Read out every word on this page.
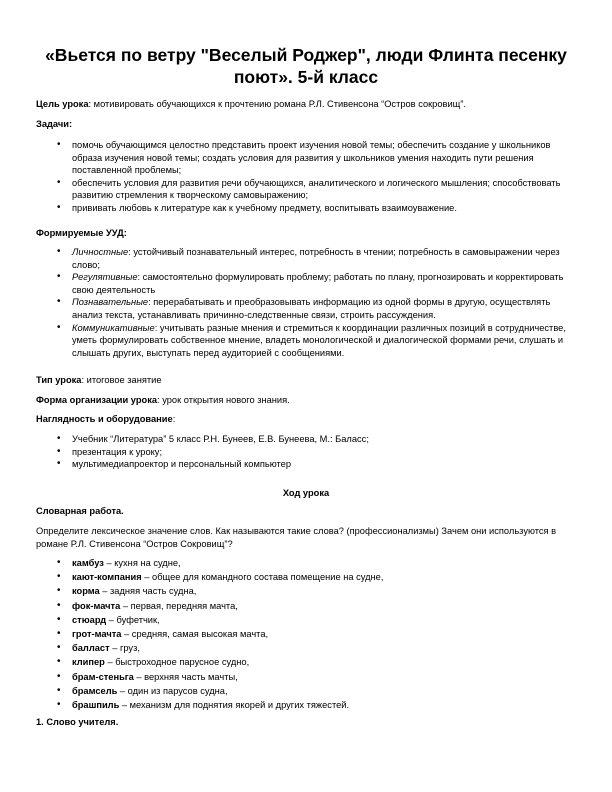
«Вьется по ветру "Веселый Роджер", люди Флинта песенку поют». 5-й класс

Цель урока: мотивировать обучающихся к прочтению романа Р.Л. Стивенсона “Остров сокровищ”.

Задачи:

• помочь обучающимся целостно представить проект изучения новой темы; обеспечить создание у школьников образа изучения новой темы; создать условия для развития у школьников умения находить пути решения поставленной проблемы;
• обеспечить условия для развития речи обучающихся, аналитического и логического мышления; способствовать развитию стремления к творческому самовыражению;
• прививать любовь к литературе как к учебному предмету, воспитывать взаимоуважение.

Формируемые УУД:

• Личностные: устойчивый познавательный интерес, потребность в чтении; потребность в самовыражении через слово;
• Регулятивные: самостоятельно формулировать проблему; работать по плану, прогнозировать и корректировать свою деятельность
• Познавательные: перерабатывать и преобразовывать информацию из одной формы в другую, осуществлять анализ текста, устанавливать причинно-следственные связи, строить рассуждения.
• Коммуникативные: учитывать разные мнения и стремиться к координации различных позиций в сотрудничестве, уметь формулировать собственное мнение, владеть монологической и диалогической формами речи, слушать и слышать других, выступать перед аудиторией с сообщениями.

Тип урока: итоговое занятие

Форма организации урока: урок открытия нового знания.

Наглядность и оборудование:

• Учебник “Литература” 5 класс Р.Н. Бунеев, Е.В. Бунеева, М.: Баласс;
• презентация к уроку;
• мультимедиапроектор и персональный компьютер

Ход урока

Словарная работа.

Определите лексическое значение слов. Как называются такие слова? (профессионализмы) Зачем они используются в романе Р.Л. Стивенсона “Остров Сокровищ”?

• камбуз – кухня на судне,
• кают-компания – общее для командного состава помещение на судне,
• корма – задняя часть судна,
• фок-мачта – первая, передняя мачта,
• стюард – буфетчик,
• грот-мачта – средняя, самая высокая мачта,
• балласт – груз,
• клипер – быстроходное парусное судно,
• брам-стеньга – верхняя часть мачты,
• брамсель – один из парусов судна,
• брашпиль – механизм для поднятия якорей и других тяжестей.

1. Слово учителя.
